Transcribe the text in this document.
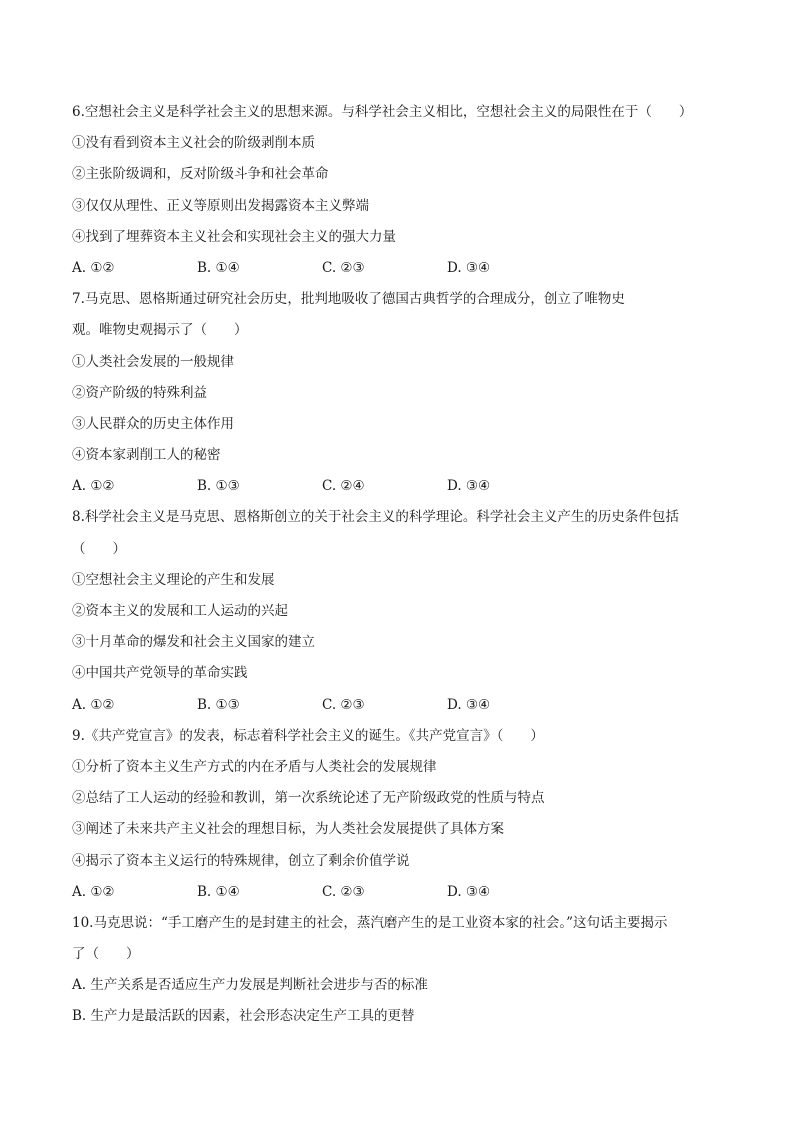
6.空想社会主义是科学社会主义的思想来源。与科学社会主义相比，空想社会主义的局限性在于（　　）
①没有看到资本主义社会的阶级剥削本质
②主张阶级调和，反对阶级斗争和社会革命
③仅仅从理性、正义等原则出发揭露资本主义弊端
④找到了埋葬资本主义社会和实现社会主义的强大力量
A. ①②	B. ①④	C. ②③	D. ③④
7.马克思、恩格斯通过研究社会历史，批判地吸收了德国古典哲学的合理成分，创立了唯物史
观。唯物史观揭示了（　　）
①人类社会发展的一般规律
②资产阶级的特殊利益
③人民群众的历史主体作用
④资本家剥削工人的秘密
A. ①②	B. ①③	C. ②④	D. ③④
8.科学社会主义是马克思、恩格斯创立的关于社会主义的科学理论。科学社会主义产生的历史条件包括
（　　）
①空想社会主义理论的产生和发展
②资本主义的发展和工人运动的兴起
③十月革命的爆发和社会主义国家的建立
④中国共产党领导的革命实践
A. ①②	B. ①③	C. ②③	D. ③④
9.《共产党宣言》的发表，标志着科学社会主义的诞生。《共产党宣言》（　　）
①分析了资本主义生产方式的内在矛盾与人类社会的发展规律
②总结了工人运动的经验和教训，第一次系统论述了无产阶级政党的性质与特点
③阐述了未来共产主义社会的理想目标，为人类社会发展提供了具体方案
④揭示了资本主义运行的特殊规律，创立了剩余价值学说
A. ①②	B. ①④	C. ②③	D. ③④
10.马克思说：“手工磨产生的是封建主的社会，蒸汽磨产生的是工业资本家的社会。”这句话主要揭示
了（　　）
A. 生产关系是否适应生产力发展是判断社会进步与否的标准
B. 生产力是最活跃的因素，社会形态决定生产工具的更替
